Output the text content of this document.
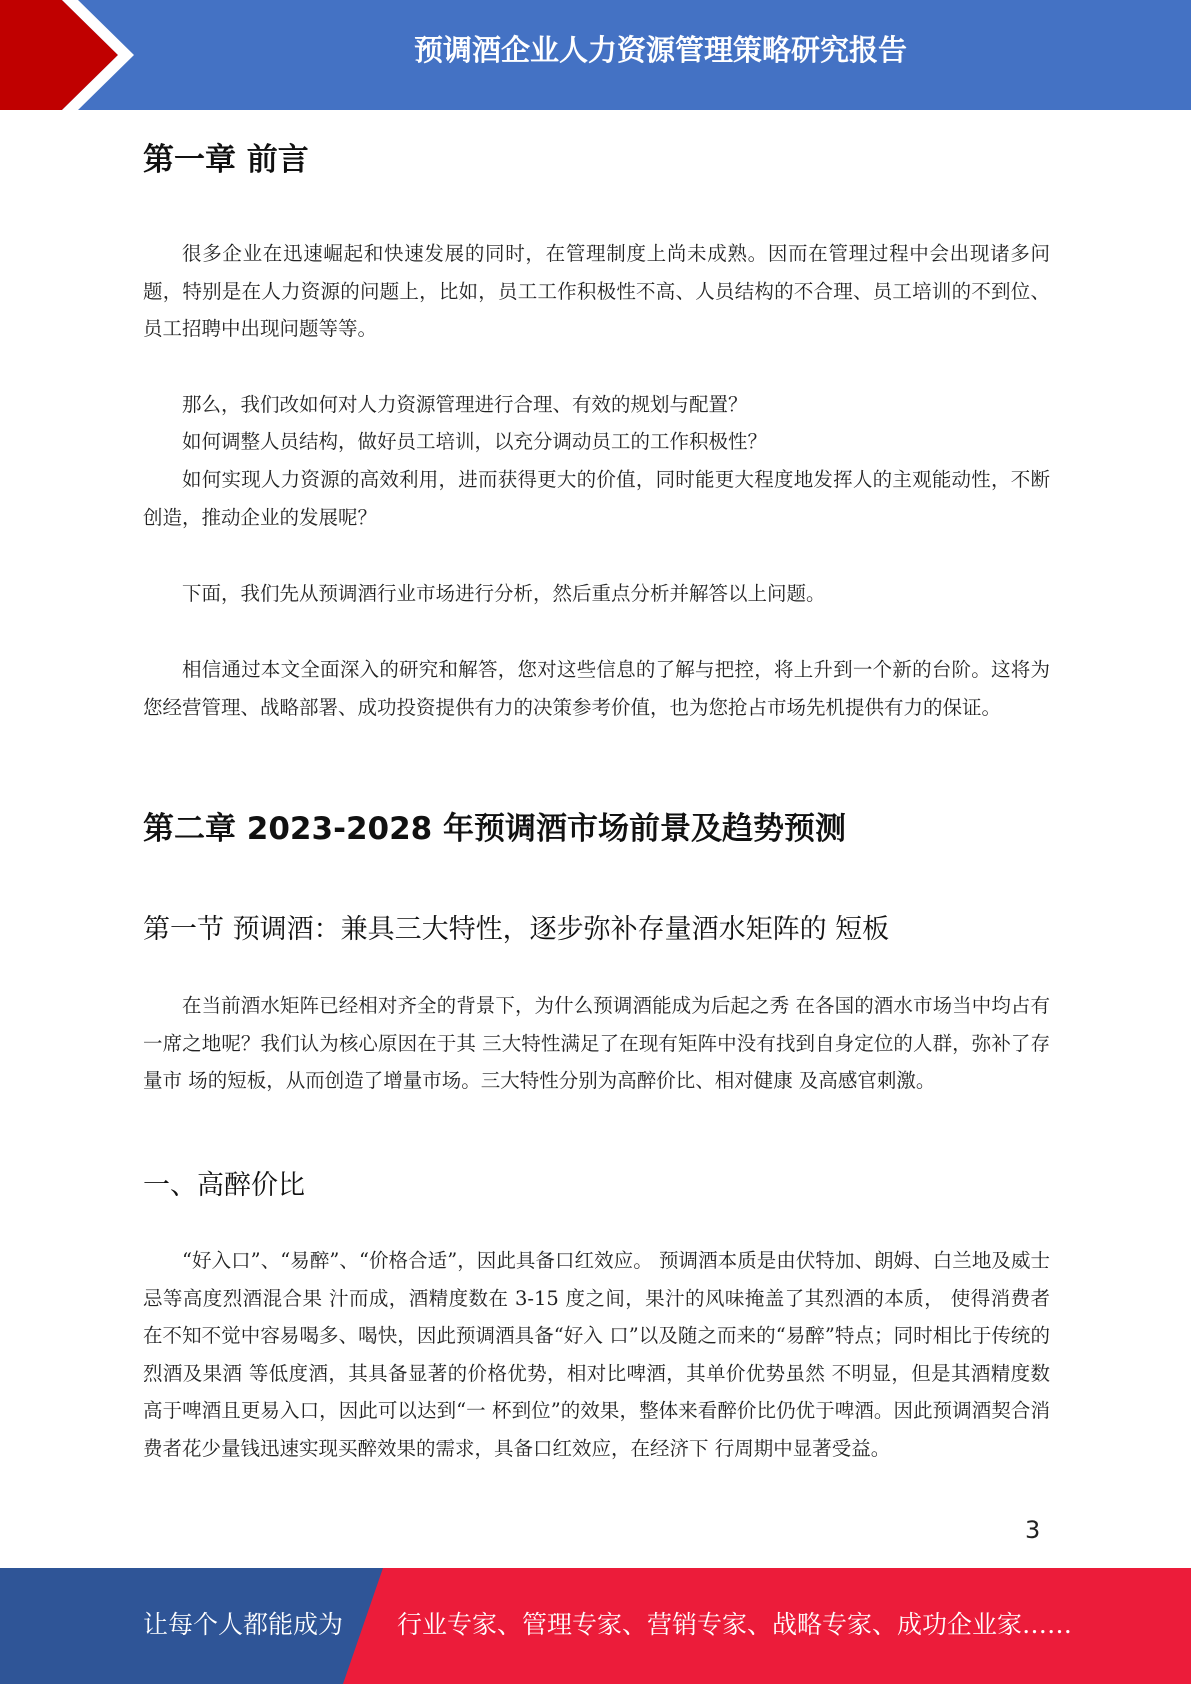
预调酒企业人力资源管理策略研究报告
第一章 前言

很多企业在迅速崛起和快速发展的同时，在管理制度上尚未成熟。因而在管理过程中会出现诸多问题，特别是在人力资源的问题上，比如，员工工作积极性不高、人员结构的不合理、员工培训的不到位、员工招聘中出现问题等等。

那么，我们改如何对人力资源管理进行合理、有效的规划与配置？

如何调整人员结构，做好员工培训，以充分调动员工的工作积极性？

如何实现人力资源的高效利用，进而获得更大的价值，同时能更大程度地发挥人的主观能动性，不断创造，推动企业的发展呢？

下面，我们先从预调酒行业市场进行分析，然后重点分析并解答以上问题。

相信通过本文全面深入的研究和解答，您对这些信息的了解与把控，将上升到一个新的台阶。这将为您经营管理、战略部署、成功投资提供有力的决策参考价值，也为您抢占市场先机提供有力的保证。

第二章 2023-2028 年预调酒市场前景及趋势预测
第一节 预调酒：兼具三大特性，逐步弥补存量酒水矩阵的 短板

在当前酒水矩阵已经相对齐全的背景下，为什么预调酒能成为后起之秀 在各国的酒水市场当中均占有一席之地呢？我们认为核心原因在于其 三大特性满足了在现有矩阵中没有找到自身定位的人群，弥补了存量市 场的短板，从而创造了增量市场。三大特性分别为高醉价比、相对健康 及高感官刺激。

一、高醉价比

“好入口”、“易醉”、“价格合适”，因此具备口红效应。 预调酒本质是由伏特加、朗姆、白兰地及威士忌等高度烈酒混合果 汁而成，酒精度数在 3-15 度之间，果汁的风味掩盖了其烈酒的本质， 使得消费者在不知不觉中容易喝多、喝快，因此预调酒具备“好入 口”以及随之而来的“易醉”特点；同时相比于传统的烈酒及果酒 等低度酒，其具备显著的价格优势，相对比啤酒，其单价优势虽然 不明显，但是其酒精度数高于啤酒且更易入口，因此可以达到“一 杯到位”的效果，整体来看醉价比仍优于啤酒。因此预调酒契合消 费者花少量钱迅速实现买醉效果的需求，具备口红效应，在经济下 行周期中显著受益。

3
让每个人都能成为 行业专家、管理专家、营销专家、战略专家、成功企业家……
